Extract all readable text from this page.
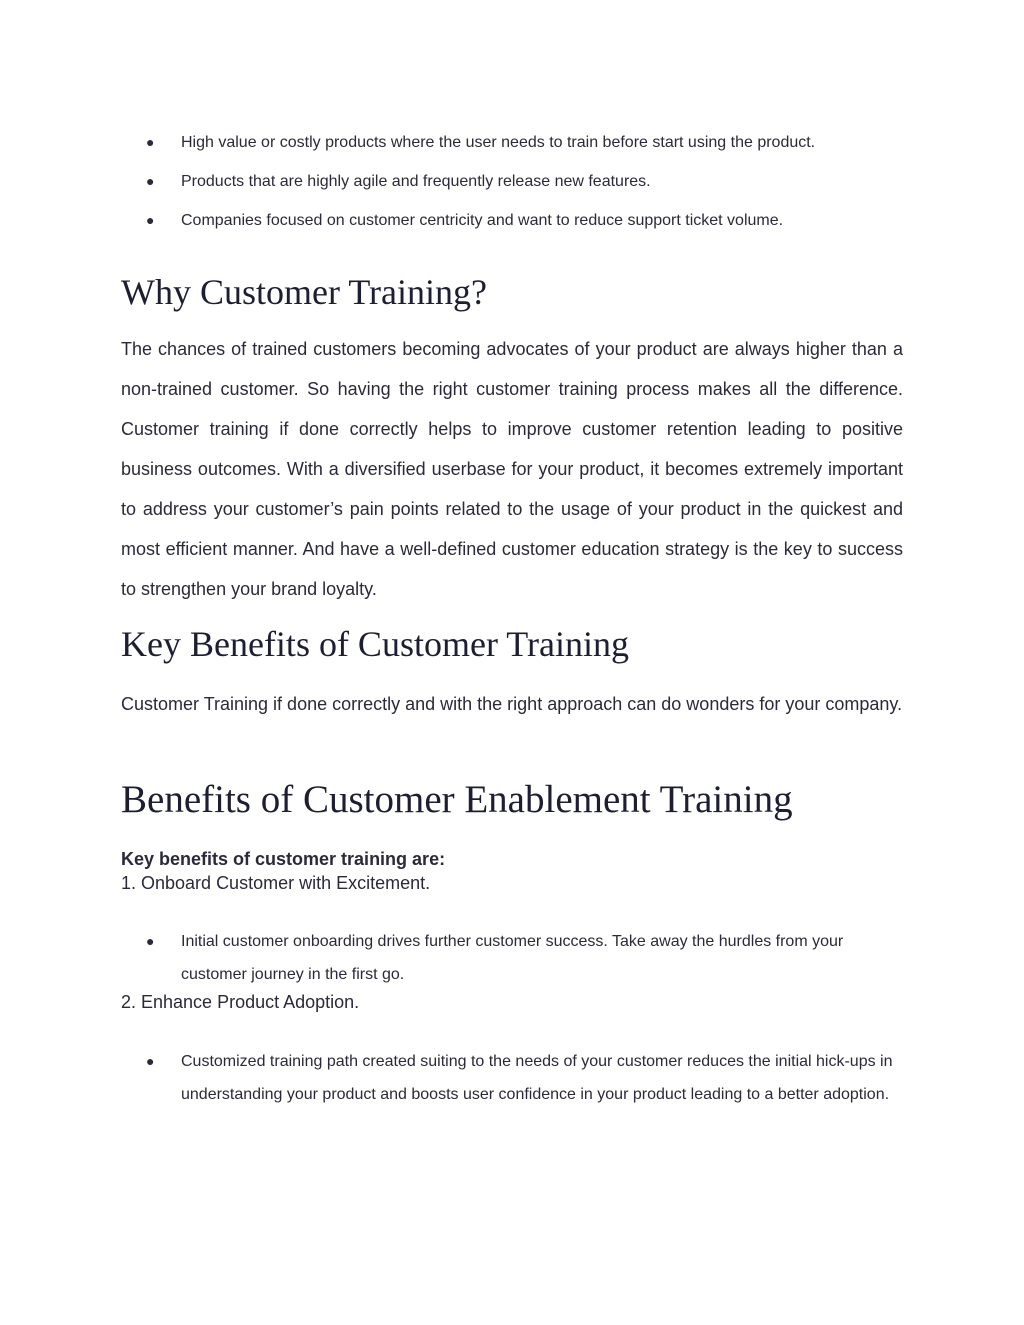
● High value or costly products where the user needs to train before start using the product.
● Products that are highly agile and frequently release new features.
● Companies focused on customer centricity and want to reduce support ticket volume.
Why Customer Training?

The chances of trained customers becoming advocates of your product are always higher than a non-trained customer. So having the right customer training process makes all the difference. Customer training if done correctly helps to improve customer retention leading to positive business outcomes. With a diversified userbase for your product, it becomes extremely important to address your customer’s pain points related to the usage of your product in the quickest and most efficient manner. And have a well-defined customer education strategy is the key to success to strengthen your brand loyalty.

Key Benefits of Customer Training

Customer Training if done correctly and with the right approach can do wonders for your company.

Benefits of Customer Enablement Training

Key benefits of customer training are:

1. Onboard Customer with Excitement.

● Initial customer onboarding drives further customer success. Take away the hurdles from your customer journey in the first go.

2. Enhance Product Adoption.

● Customized training path created suiting to the needs of your customer reduces the initial hick-ups in understanding your product and boosts user confidence in your product leading to a better adoption.
